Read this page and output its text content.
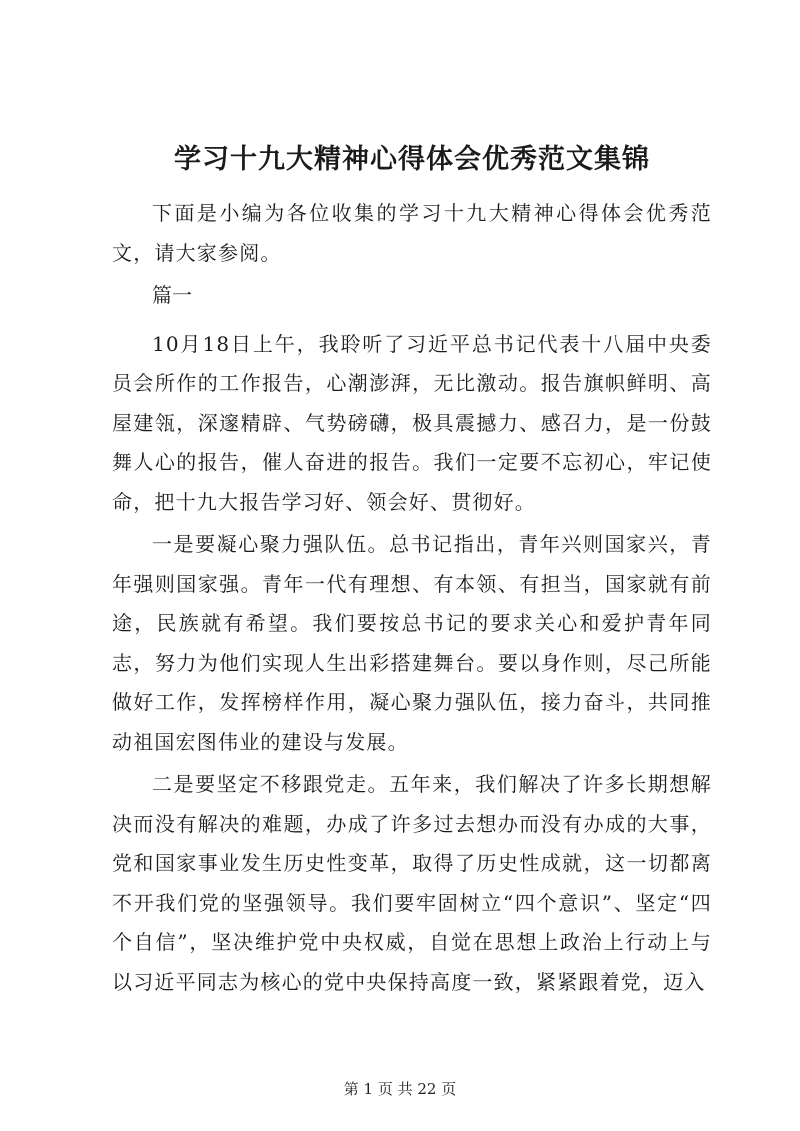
学习十九大精神心得体会优秀范文集锦

下面是小编为各位收集的学习十九大精神心得体会优秀范文，请大家参阅。

篇一

10月18日上午，我聆听了习近平总书记代表十八届中央委员会所作的工作报告，心潮澎湃，无比激动。报告旗帜鲜明、高屋建瓴，深邃精辟、气势磅礴，极具震撼力、感召力，是一份鼓舞人心的报告，催人奋进的报告。我们一定要不忘初心，牢记使命，把十九大报告学习好、领会好、贯彻好。

一是要凝心聚力强队伍。总书记指出，青年兴则国家兴，青年强则国家强。青年一代有理想、有本领、有担当，国家就有前途，民族就有希望。我们要按总书记的要求关心和爱护青年同志，努力为他们实现人生出彩搭建舞台。要以身作则，尽己所能做好工作，发挥榜样作用，凝心聚力强队伍，接力奋斗，共同推动祖国宏图伟业的建设与发展。

二是要坚定不移跟党走。五年来，我们解决了许多长期想解决而没有解决的难题，办成了许多过去想办而没有办成的大事，党和国家事业发生历史性变革，取得了历史性成就，这一切都离不开我们党的坚强领导。我们要牢固树立“四个意识”、坚定“四个自信”，坚决维护党中央权威，自觉在思想上政治上行动上与以习近平同志为核心的党中央保持高度一致，紧紧跟着党，迈入

第 1 页 共 22 页
